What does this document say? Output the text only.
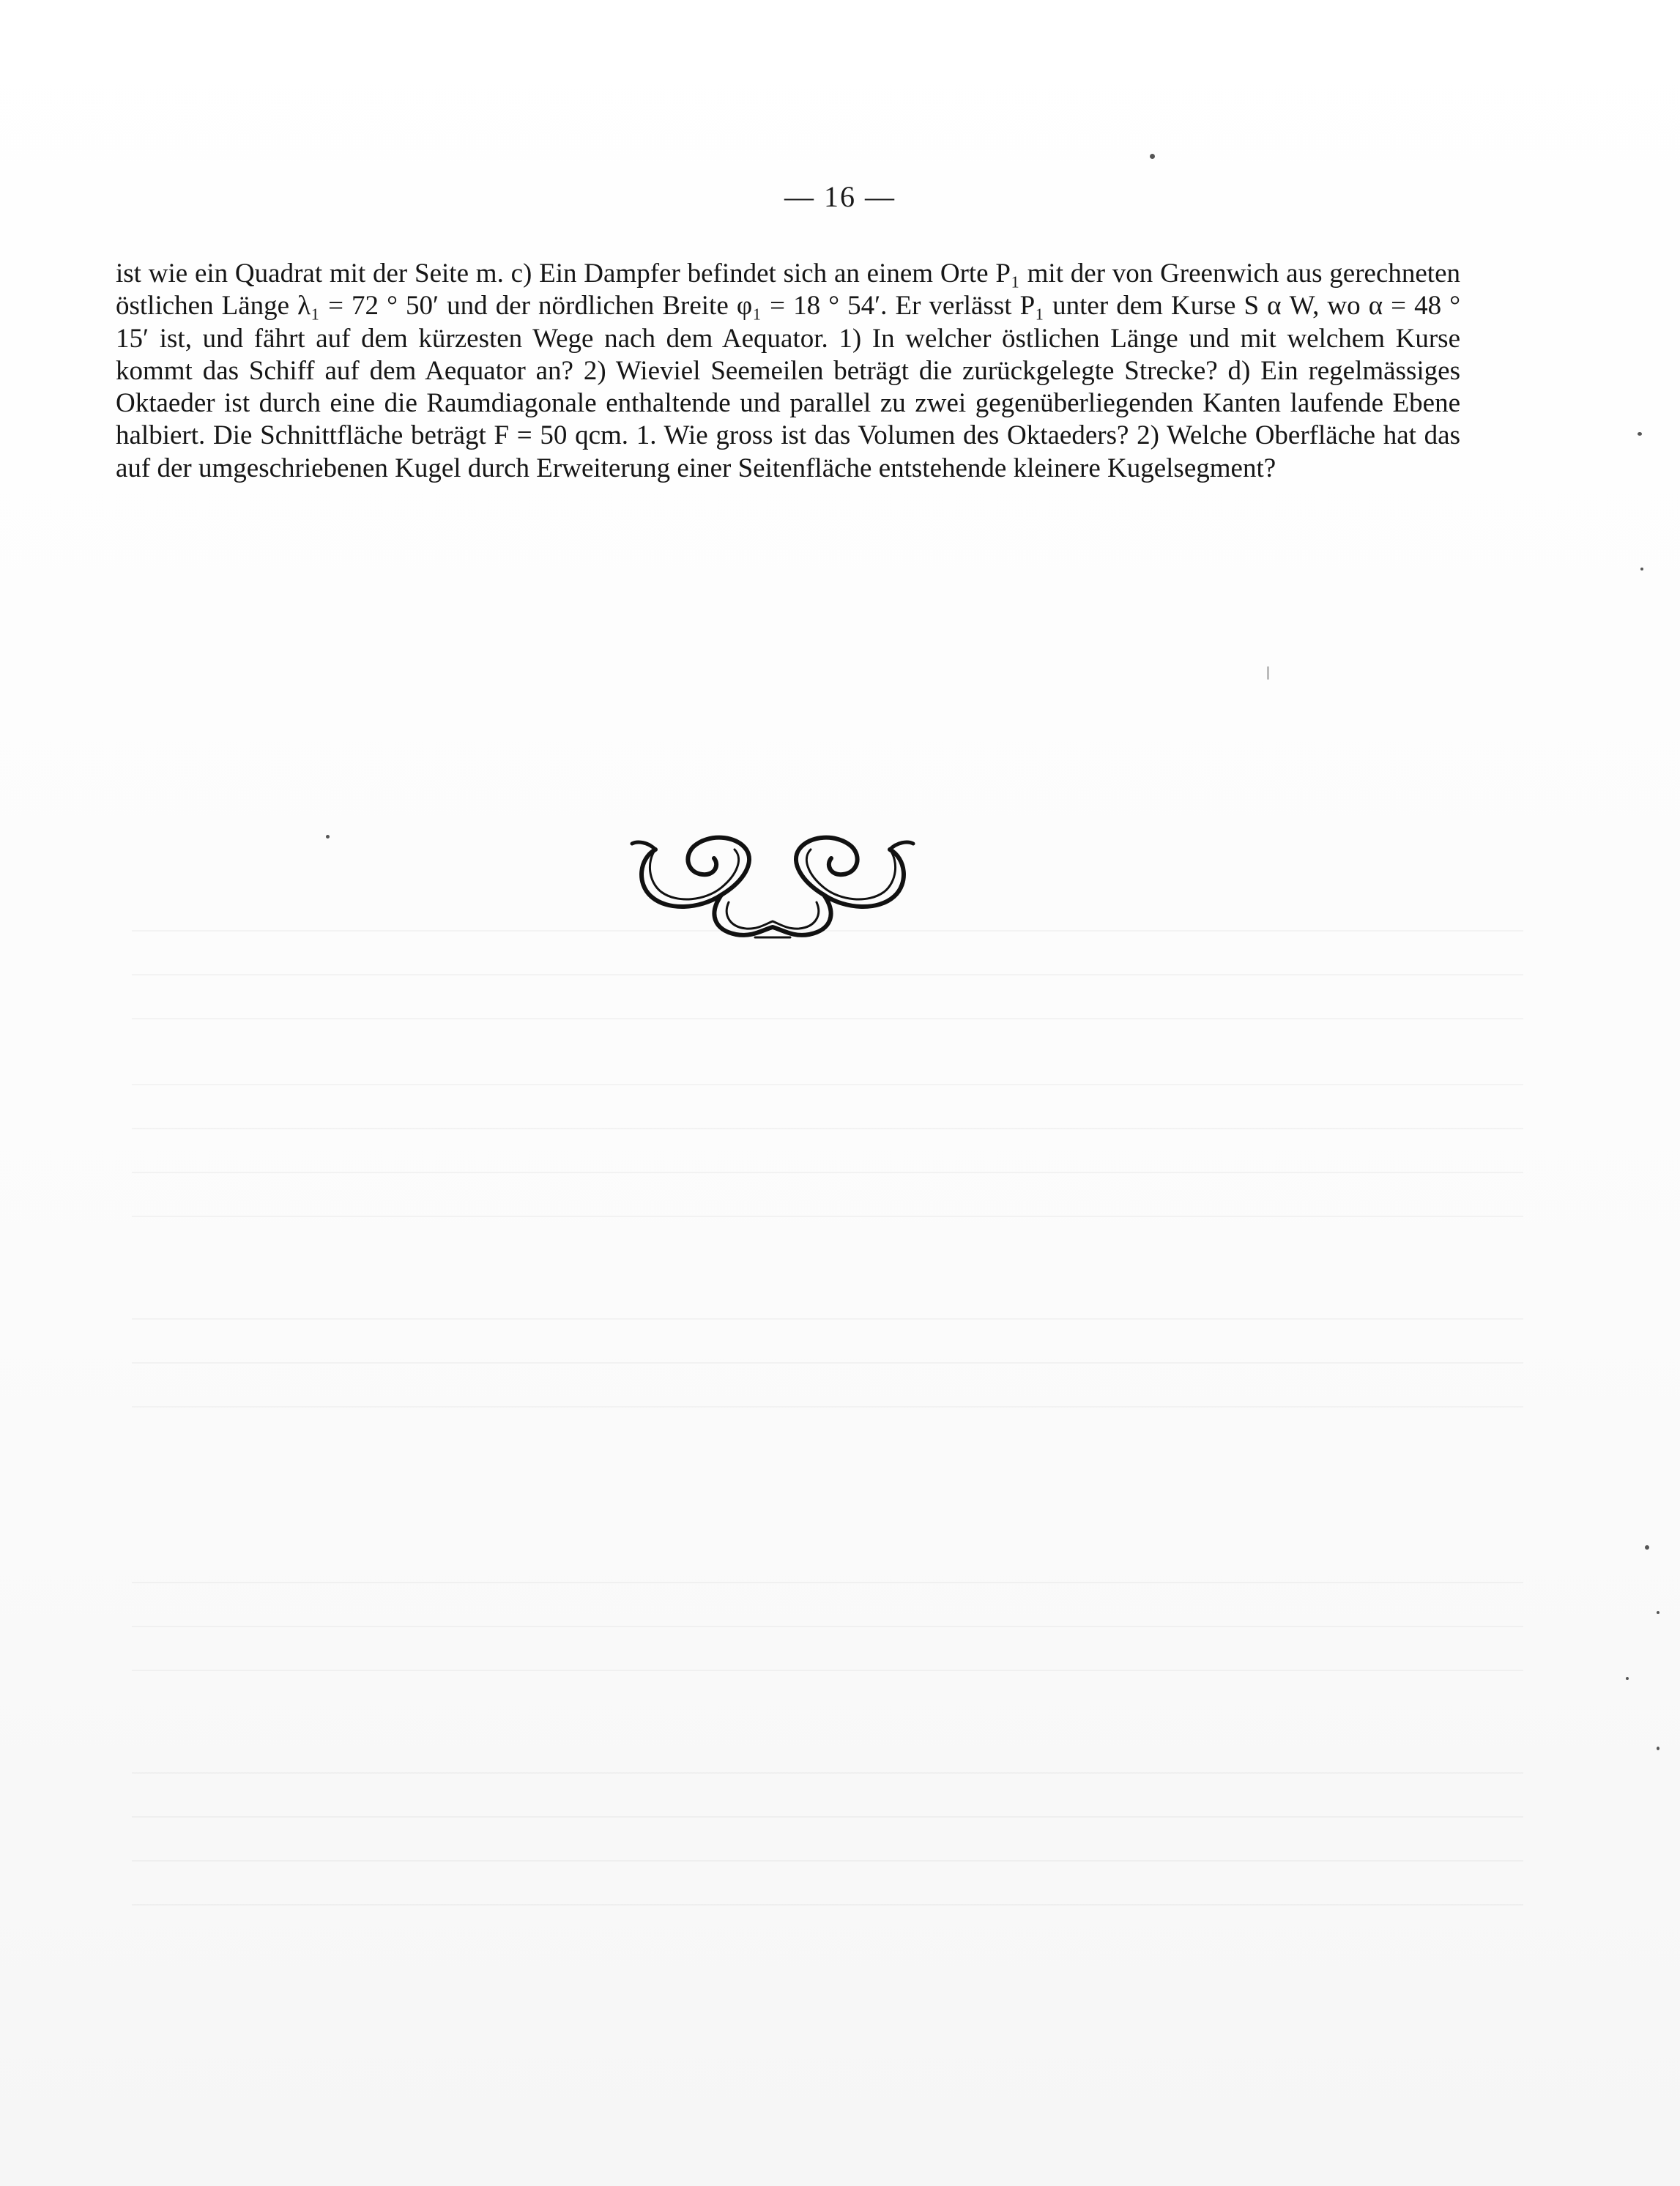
— 16 —

ist wie ein Quadrat mit der Seite m. c) Ein Dampfer befindet sich an einem Orte P₁ mit der von Greenwich aus gerechneten östlichen Länge λ₁ = 72 ° 50′ und der nördlichen Breite φ₁ = 18 ° 54′. Er verlässt P₁ unter dem Kurse S α W, wo α = 48 ° 15′ ist, und fährt auf dem kürzesten Wege nach dem Aequator. 1) In welcher östlichen Länge und mit welchem Kurse kommt das Schiff auf dem Aequator an? 2) Wieviel Seemeilen beträgt die zurückgelegte Strecke? d) Ein regelmässiges Oktaeder ist durch eine die Raumdiagonale enthaltende und parallel zu zwei gegenüberliegenden Kanten laufende Ebene halbiert. Die Schnittfläche beträgt F = 50 qcm. 1. Wie gross ist das Volumen des Oktaeders? 2) Welche Oberfläche hat das auf der umgeschriebenen Kugel durch Erweiterung einer Seitenfläche entstehende kleinere Kugelsegment?
